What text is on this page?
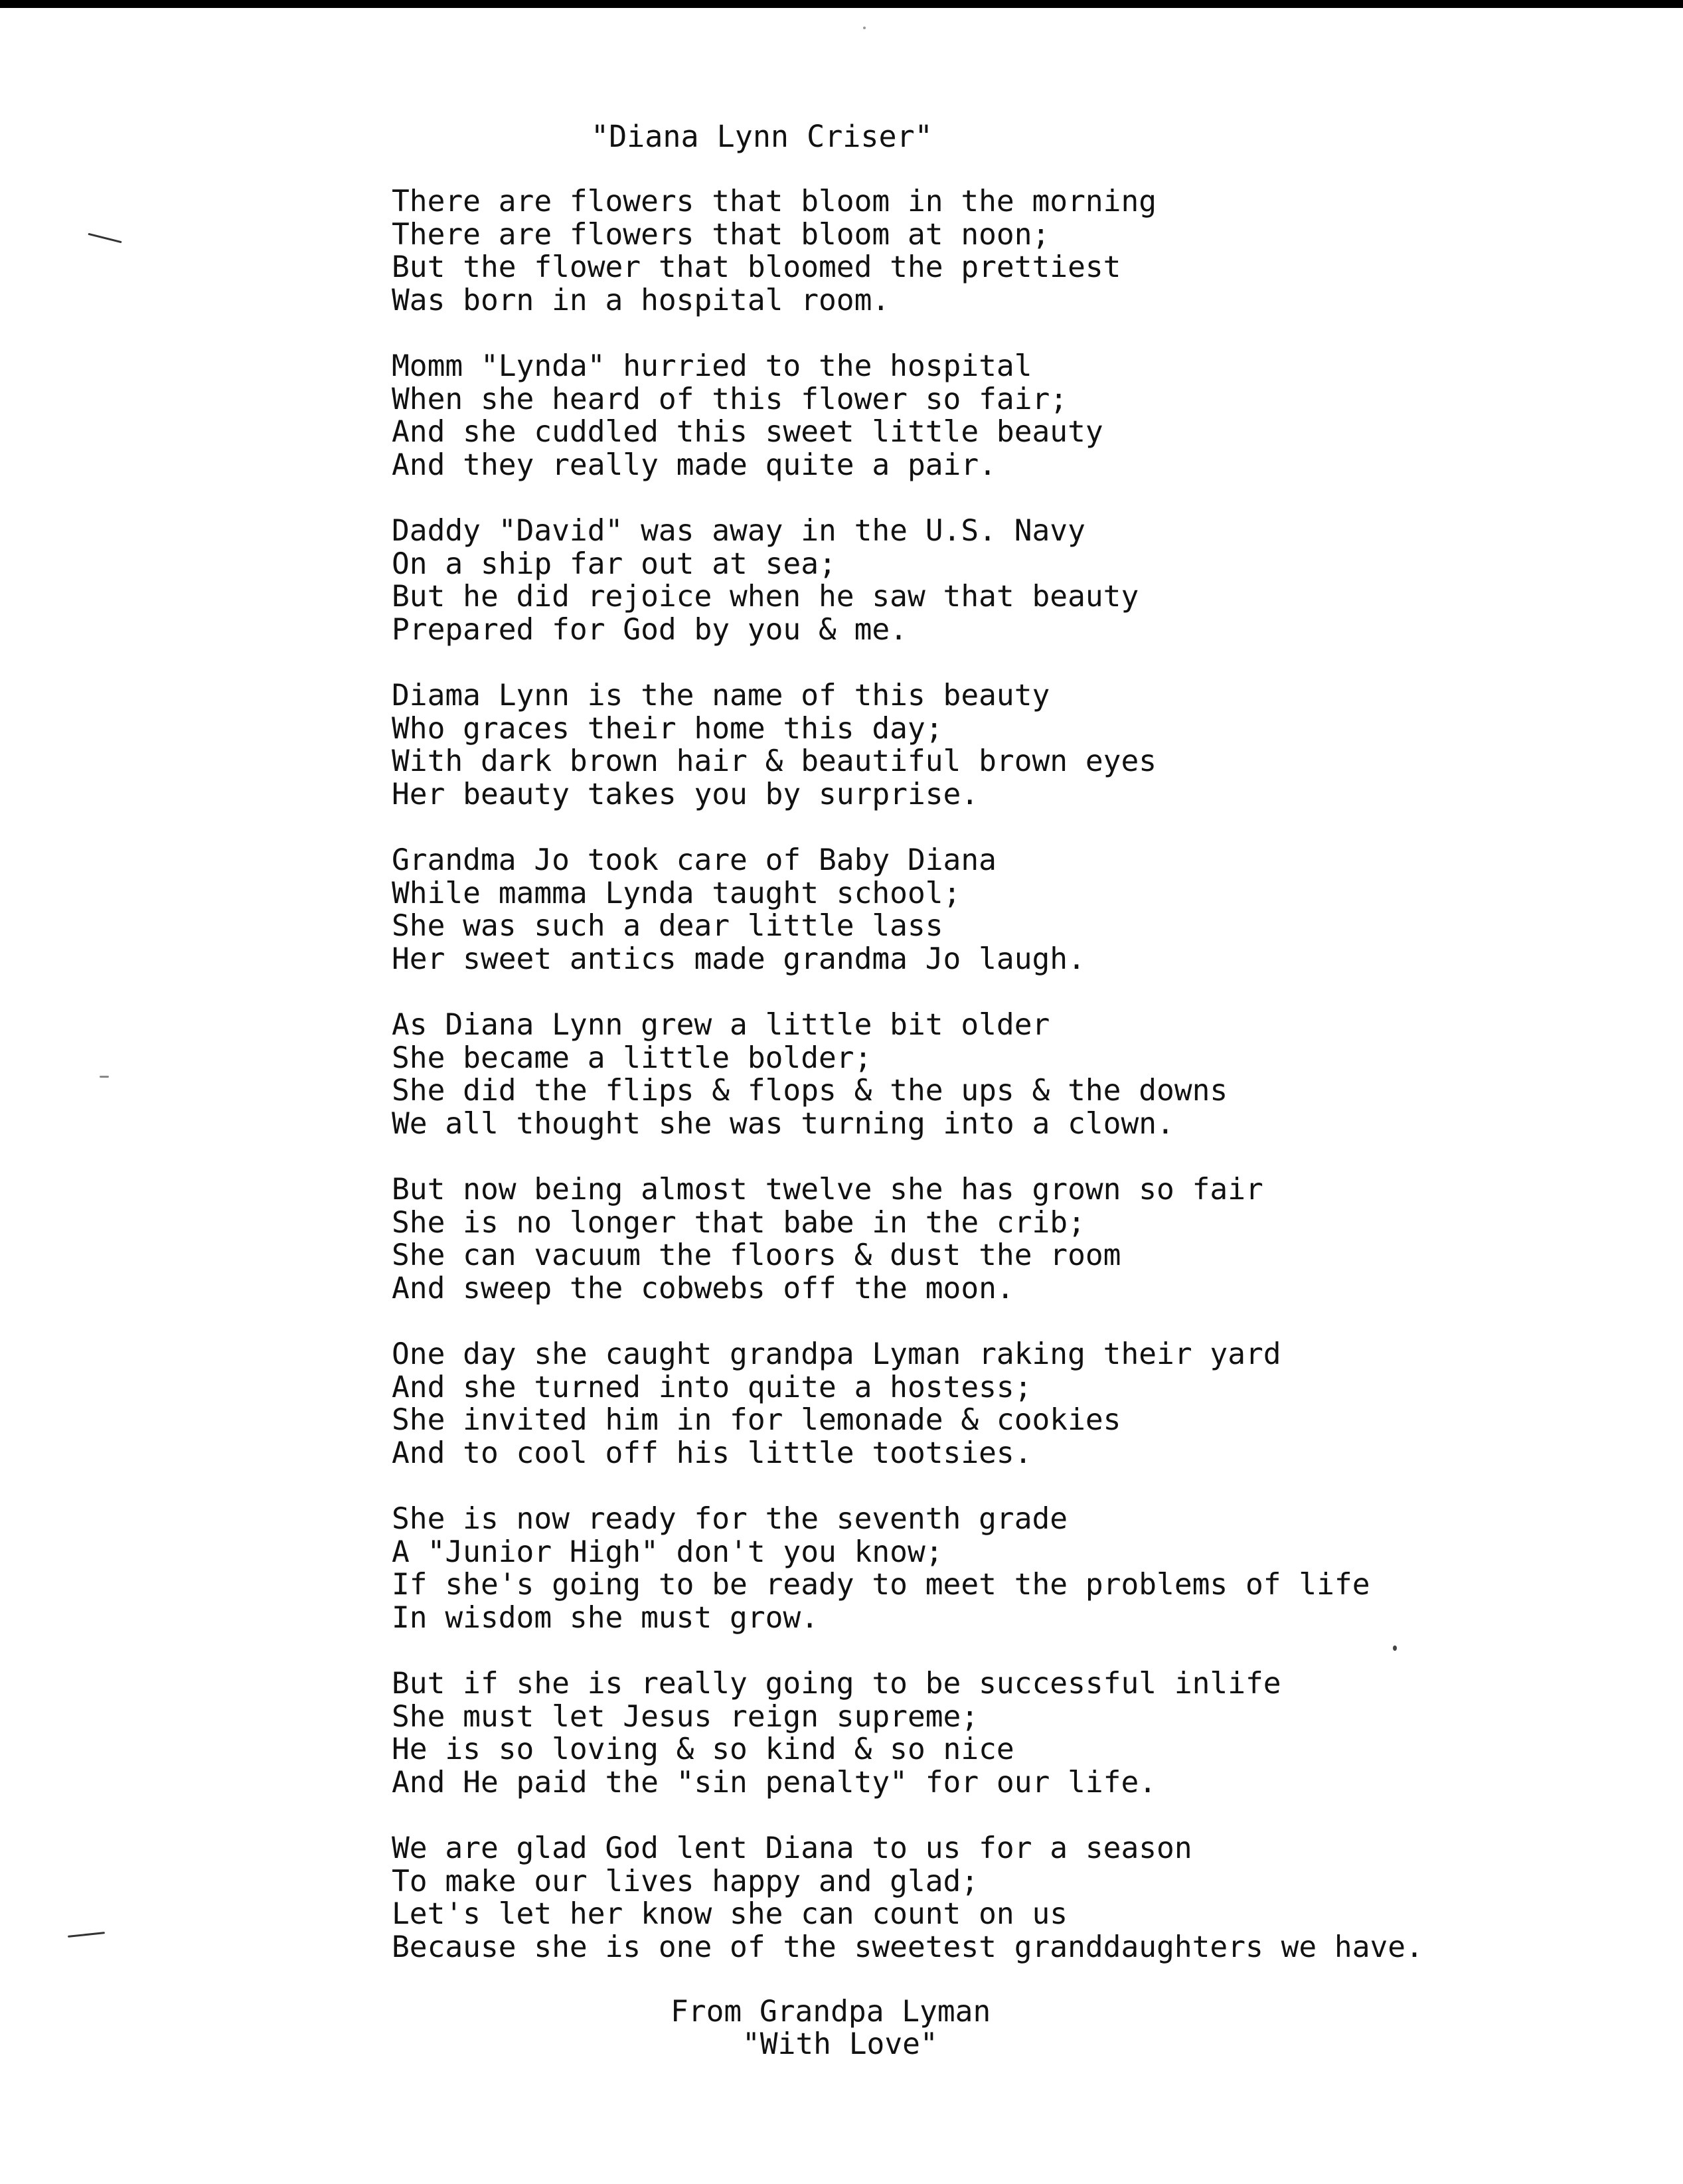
"Diana Lynn Criser"
There are flowers that bloom in the morning
There are flowers that bloom at noon;
But the flower that bloomed the prettiest
Was born in a hospital room.
Momm "Lynda" hurried to the hospital
When she heard of this flower so fair;
And she cuddled this sweet little beauty
And they really made quite a pair.
Daddy "David" was away in the U.S. Navy
On a ship far out at sea;
But he did rejoice when he saw that beauty
Prepared for God by you & me.
Diama Lynn is the name of this beauty
Who graces their home this day;
With dark brown hair & beautiful brown eyes
Her beauty takes you by surprise.
Grandma Jo took care of Baby Diana
While mamma Lynda taught school;
She was such a dear little lass
Her sweet antics made grandma Jo laugh.
As Diana Lynn grew a little bit older
She became a little bolder;
She did the flips & flops & the ups & the downs
We all thought she was turning into a clown.
But now being almost twelve she has grown so fair
She is no longer that babe in the crib;
She can vacuum the floors & dust the room
And sweep the cobwebs off the moon.
One day she caught grandpa Lyman raking their yard
And she turned into quite a hostess;
She invited him in for lemonade & cookies
And to cool off his little tootsies.
She is now ready for the seventh grade
A "Junior High" don't you know;
If she's going to be ready to meet the problems of life
In wisdom she must grow.
But if she is really going to be successful inlife
She must let Jesus reign supreme;
He is so loving & so kind & so nice
And He paid the "sin penalty" for our life.
We are glad God lent Diana to us for a season
To make our lives happy and glad;
Let's let her know she can count on us
Because she is one of the sweetest granddaughters we have.
From Grandpa Lyman
"With Love"
